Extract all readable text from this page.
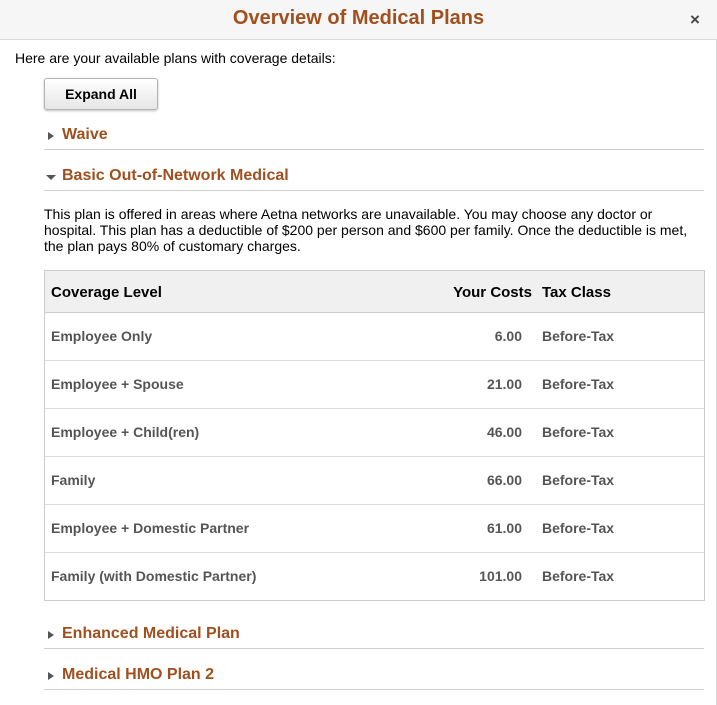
Overview of Medical Plans	×
Here are your available plans with coverage details:
Expand All
Waive
Basic Out-of-Network Medical
This plan is offered in areas where Aetna networks are unavailable. You may choose any doctor or hospital. This plan has a deductible of $200 per person and $600 per family. Once the deductible is met, the plan pays 80% of customary charges.
Coverage Level	Your Costs Tax Class
Employee Only	6.00 Before-Tax
Employee + Spouse	21.00 Before-Tax
Employee + Child(ren)	46.00 Before-Tax
Family	66.00 Before-Tax
Employee + Domestic Partner	61.00 Before-Tax
Family (with Domestic Partner)	101.00 Before-Tax
Enhanced Medical Plan
Medical HMO Plan 2
